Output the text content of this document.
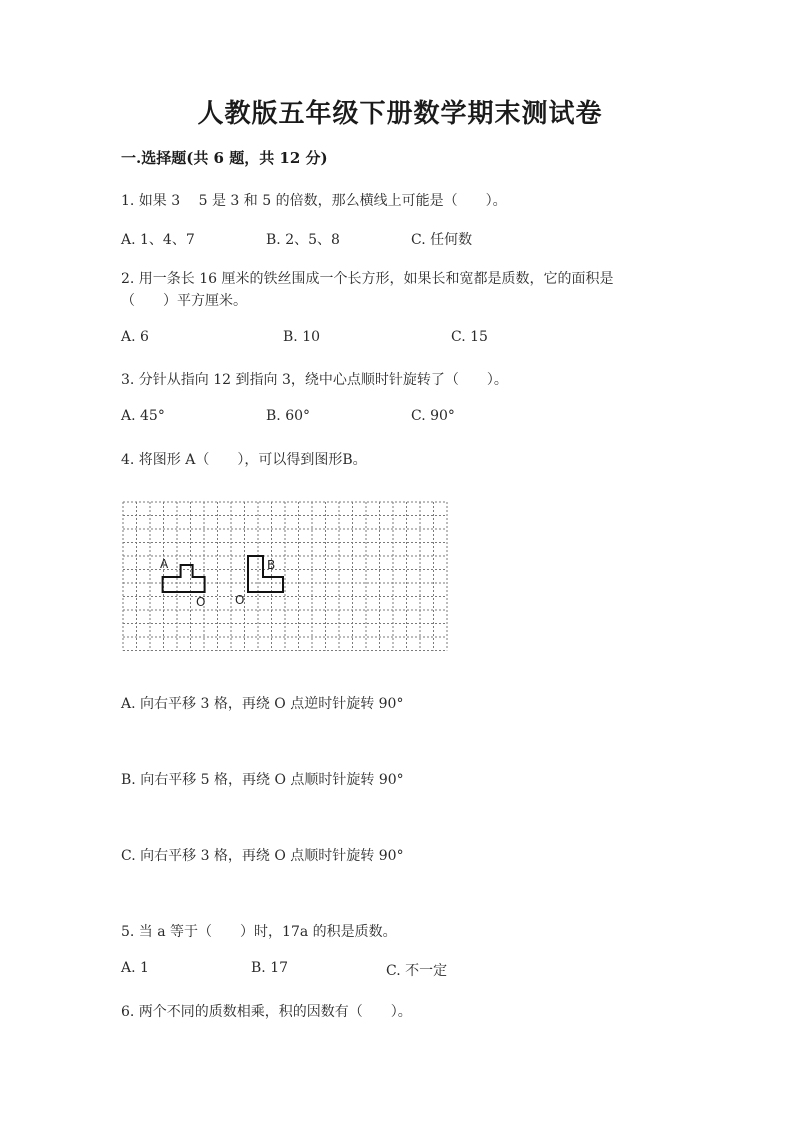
人教版五年级下册数学期末测试卷
一.选择题(共 6 题，共 12 分)
1. 如果 3　 5 是 3 和 5 的倍数，那么横线上可能是（　　）。
A. 1、4、7	B. 2、5、8	C. 任何数
2. 用一条长 16 厘米的铁丝围成一个长方形，如果长和宽都是质数，它的面积是
（　　）平方厘米。
A. 6	B. 10	C. 15
3. 分针从指向 12 到指向 3，绕中心点顺时针旋转了（　　）。
A. 45°	B. 60°	C. 90°
4. 将图形 A（　　），可以得到图形B。
A	B
O O
A. 向右平移 3 格，再绕 O 点逆时针旋转 90°
B. 向右平移 5 格，再绕 O 点顺时针旋转 90°
C. 向右平移 3 格，再绕 O 点顺时针旋转 90°
5. 当 a 等于（　　）时，17a 的积是质数。
A. 1	B. 17	C. 不一定
6. 两个不同的质数相乘，积的因数有（　　）。
